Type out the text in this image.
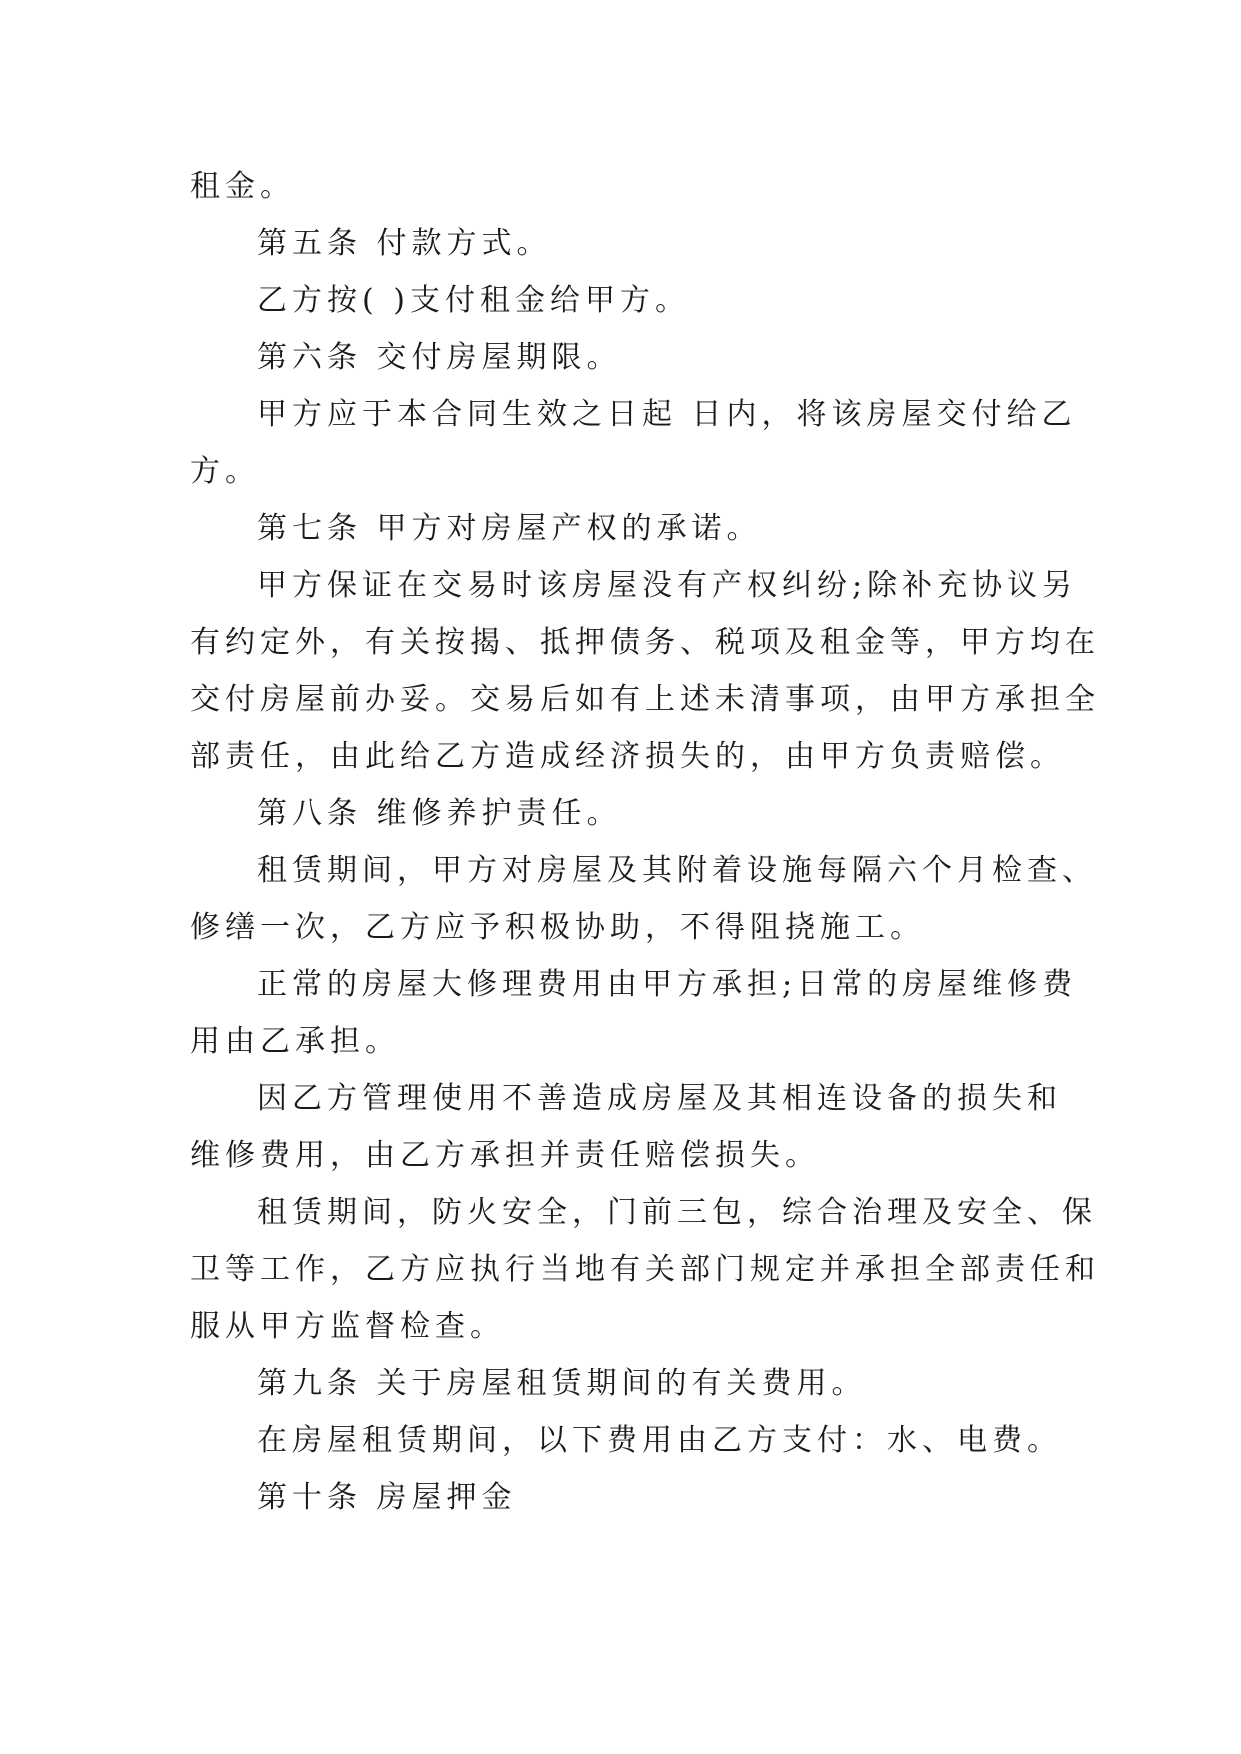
租金。
第五条 付款方式。
乙方按( )支付租金给甲方。
第六条 交付房屋期限。
甲方应于本合同生效之日起 日内，将该房屋交付给乙
方。
第七条 甲方对房屋产权的承诺。
甲方保证在交易时该房屋没有产权纠纷;除补充协议另
有约定外，有关按揭、抵押债务、税项及租金等，甲方均在
交付房屋前办妥。交易后如有上述未清事项，由甲方承担全
部责任，由此给乙方造成经济损失的，由甲方负责赔偿。
第八条 维修养护责任。
租赁期间，甲方对房屋及其附着设施每隔六个月检查、
修缮一次，乙方应予积极协助，不得阻挠施工。
正常的房屋大修理费用由甲方承担;日常的房屋维修费
用由乙承担。
因乙方管理使用不善造成房屋及其相连设备的损失和
维修费用，由乙方承担并责任赔偿损失。
租赁期间，防火安全，门前三包，综合治理及安全、保
卫等工作，乙方应执行当地有关部门规定并承担全部责任和
服从甲方监督检查。
第九条 关于房屋租赁期间的有关费用。
在房屋租赁期间，以下费用由乙方支付：水、电费。
第十条 房屋押金
